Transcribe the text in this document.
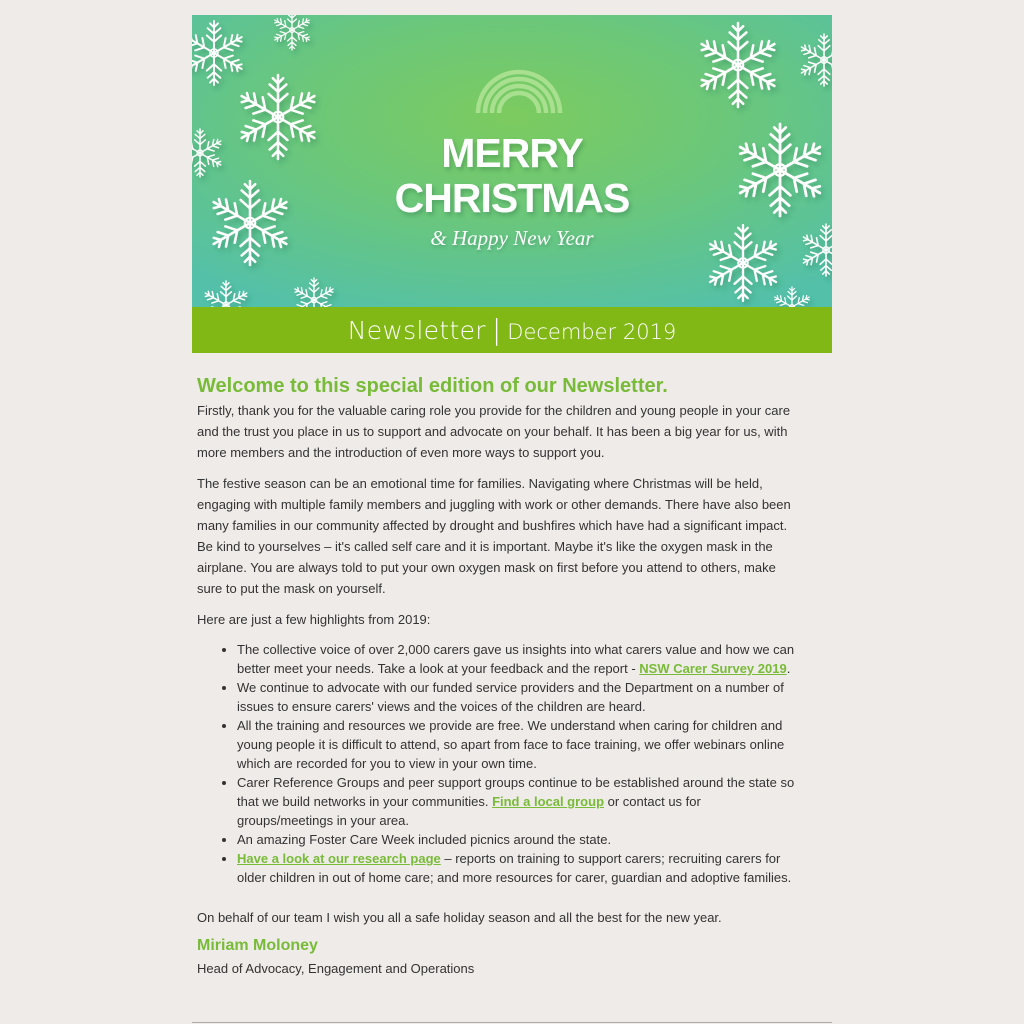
MERRY
CHRISTMAS
& Happy New Year
Newsletter | December 2019
Welcome to this special edition of our Newsletter.

Firstly, thank you for the valuable caring role you provide for the children and young people in your care and the trust you place in us to support and advocate on your behalf. It has been a big year for us, with more members and the introduction of even more ways to support you.

The festive season can be an emotional time for families. Navigating where Christmas will be held, engaging with multiple family members and juggling with work or other demands. There have also been many families in our community affected by drought and bushfires which have had a significant impact. Be kind to yourselves – it's called self care and it is important. Maybe it's like the oxygen mask in the airplane. You are always told to put your own oxygen mask on first before you attend to others, make sure to put the mask on yourself.

Here are just a few highlights from 2019:

• The collective voice of over 2,000 carers gave us insights into what carers value and how we can better meet your needs. Take a look at your feedback and the report - NSW Carer Survey 2019.
• We continue to advocate with our funded service providers and the Department on a number of issues to ensure carers' views and the voices of the children are heard.
• All the training and resources we provide are free. We understand when caring for children and young people it is difficult to attend, so apart from face to face training, we offer webinars online which are recorded for you to view in your own time.
• Carer Reference Groups and peer support groups continue to be established around the state so that we build networks in your communities. Find a local group or contact us for groups/meetings in your area.
• An amazing Foster Care Week included picnics around the state.
• Have a look at our research page – reports on training to support carers; recruiting carers for older children in out of home care; and more resources for carer, guardian and adoptive families.

On behalf of our team I wish you all a safe holiday season and all the best for the new year.

Miriam Moloney
Head of Advocacy, Engagement and Operations
